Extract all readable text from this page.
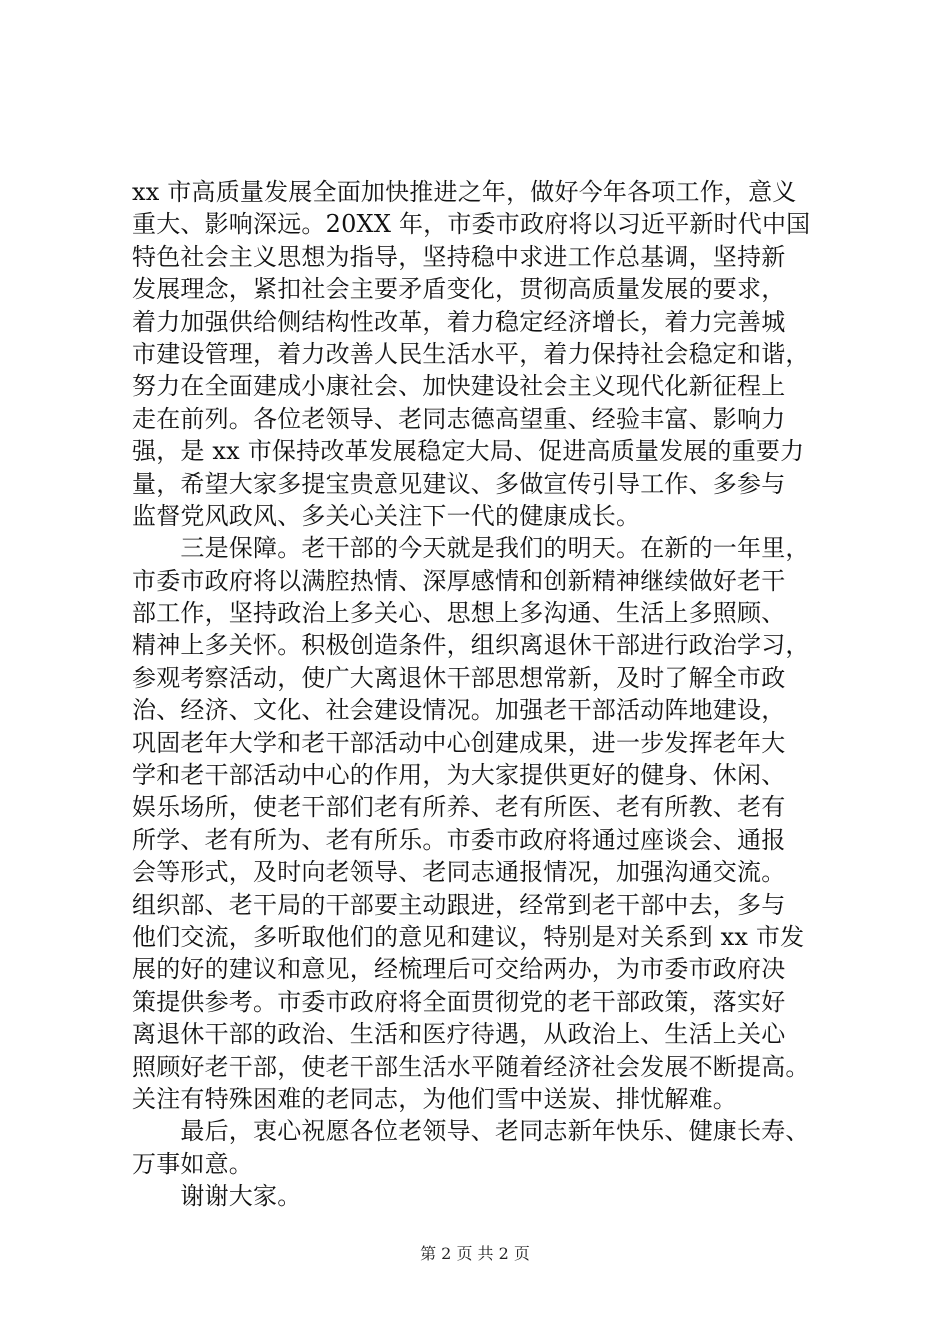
xx 市高质量发展全面加快推进之年，做好今年各项工作，意义
重大、影响深远。20XX 年，市委市政府将以习近平新时代中国
特色社会主义思想为指导，坚持稳中求进工作总基调，坚持新
发展理念，紧扣社会主要矛盾变化，贯彻高质量发展的要求，
着力加强供给侧结构性改革，着力稳定经济增长，着力完善城
市建设管理，着力改善人民生活水平，着力保持社会稳定和谐，
努力在全面建成小康社会、加快建设社会主义现代化新征程上
走在前列。各位老领导、老同志德高望重、经验丰富、影响力
强，是 xx 市保持改革发展稳定大局、促进高质量发展的重要力
量，希望大家多提宝贵意见建议、多做宣传引导工作、多参与
监督党风政风、多关心关注下一代的健康成长。
　　三是保障。老干部的今天就是我们的明天。在新的一年里，
市委市政府将以满腔热情、深厚感情和创新精神继续做好老干
部工作，坚持政治上多关心、思想上多沟通、生活上多照顾、
精神上多关怀。积极创造条件，组织离退休干部进行政治学习，
参观考察活动，使广大离退休干部思想常新，及时了解全市政
治、经济、文化、社会建设情况。加强老干部活动阵地建设，
巩固老年大学和老干部活动中心创建成果，进一步发挥老年大
学和老干部活动中心的作用，为大家提供更好的健身、休闲、
娱乐场所，使老干部们老有所养、老有所医、老有所教、老有
所学、老有所为、老有所乐。市委市政府将通过座谈会、通报
会等形式，及时向老领导、老同志通报情况，加强沟通交流。
组织部、老干局的干部要主动跟进，经常到老干部中去，多与
他们交流，多听取他们的意见和建议，特别是对关系到 xx 市发
展的好的建议和意见，经梳理后可交给两办，为市委市政府决
策提供参考。市委市政府将全面贯彻党的老干部政策，落实好
离退休干部的政治、生活和医疗待遇，从政治上、生活上关心
照顾好老干部，使老干部生活水平随着经济社会发展不断提高。
关注有特殊困难的老同志，为他们雪中送炭、排忧解难。
　　最后，衷心祝愿各位老领导、老同志新年快乐、健康长寿、
万事如意。
　　谢谢大家。
第 2 页 共 2 页
